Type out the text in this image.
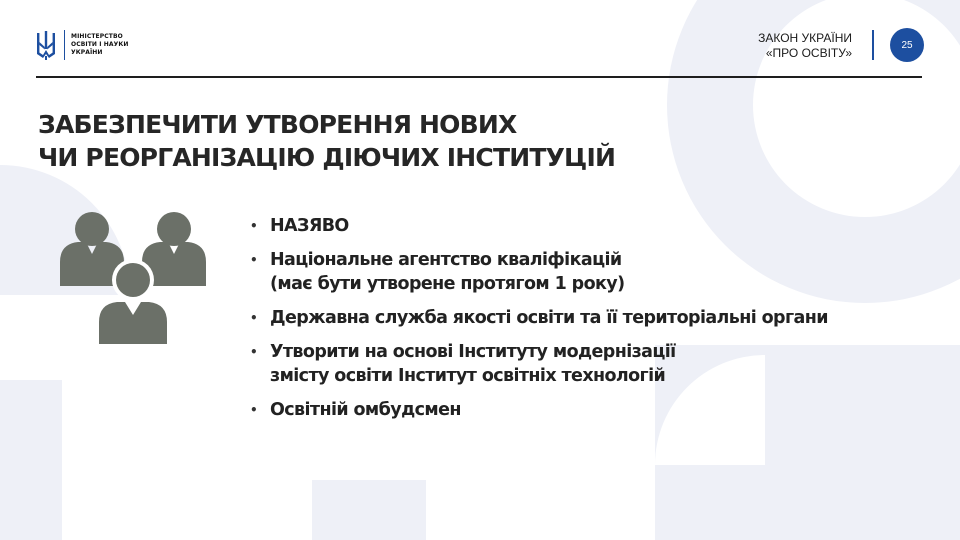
МІНІСТЕРСТВО
ОСВІТИ І НАУКИ
УКРАЇНИ
ЗАКОН УКРАЇНИ
«ПРО ОСВІТУ»
25
ЗАБЕЗПЕЧИТИ УТВОРЕННЯ НОВИХ
ЧИ РЕОРГАНІЗАЦІЮ ДІЮЧИХ ІНСТИТУЦІЙ
• НАЗЯВО
• Національне агентство кваліфікацій
(має бути утворене протягом 1 року)
• Державна служба якості освіти та її територіальні органи
• Утворити на основі Інституту модернізації
змісту освіти Інститут освітніх технологій
• Освітній омбудсмен
